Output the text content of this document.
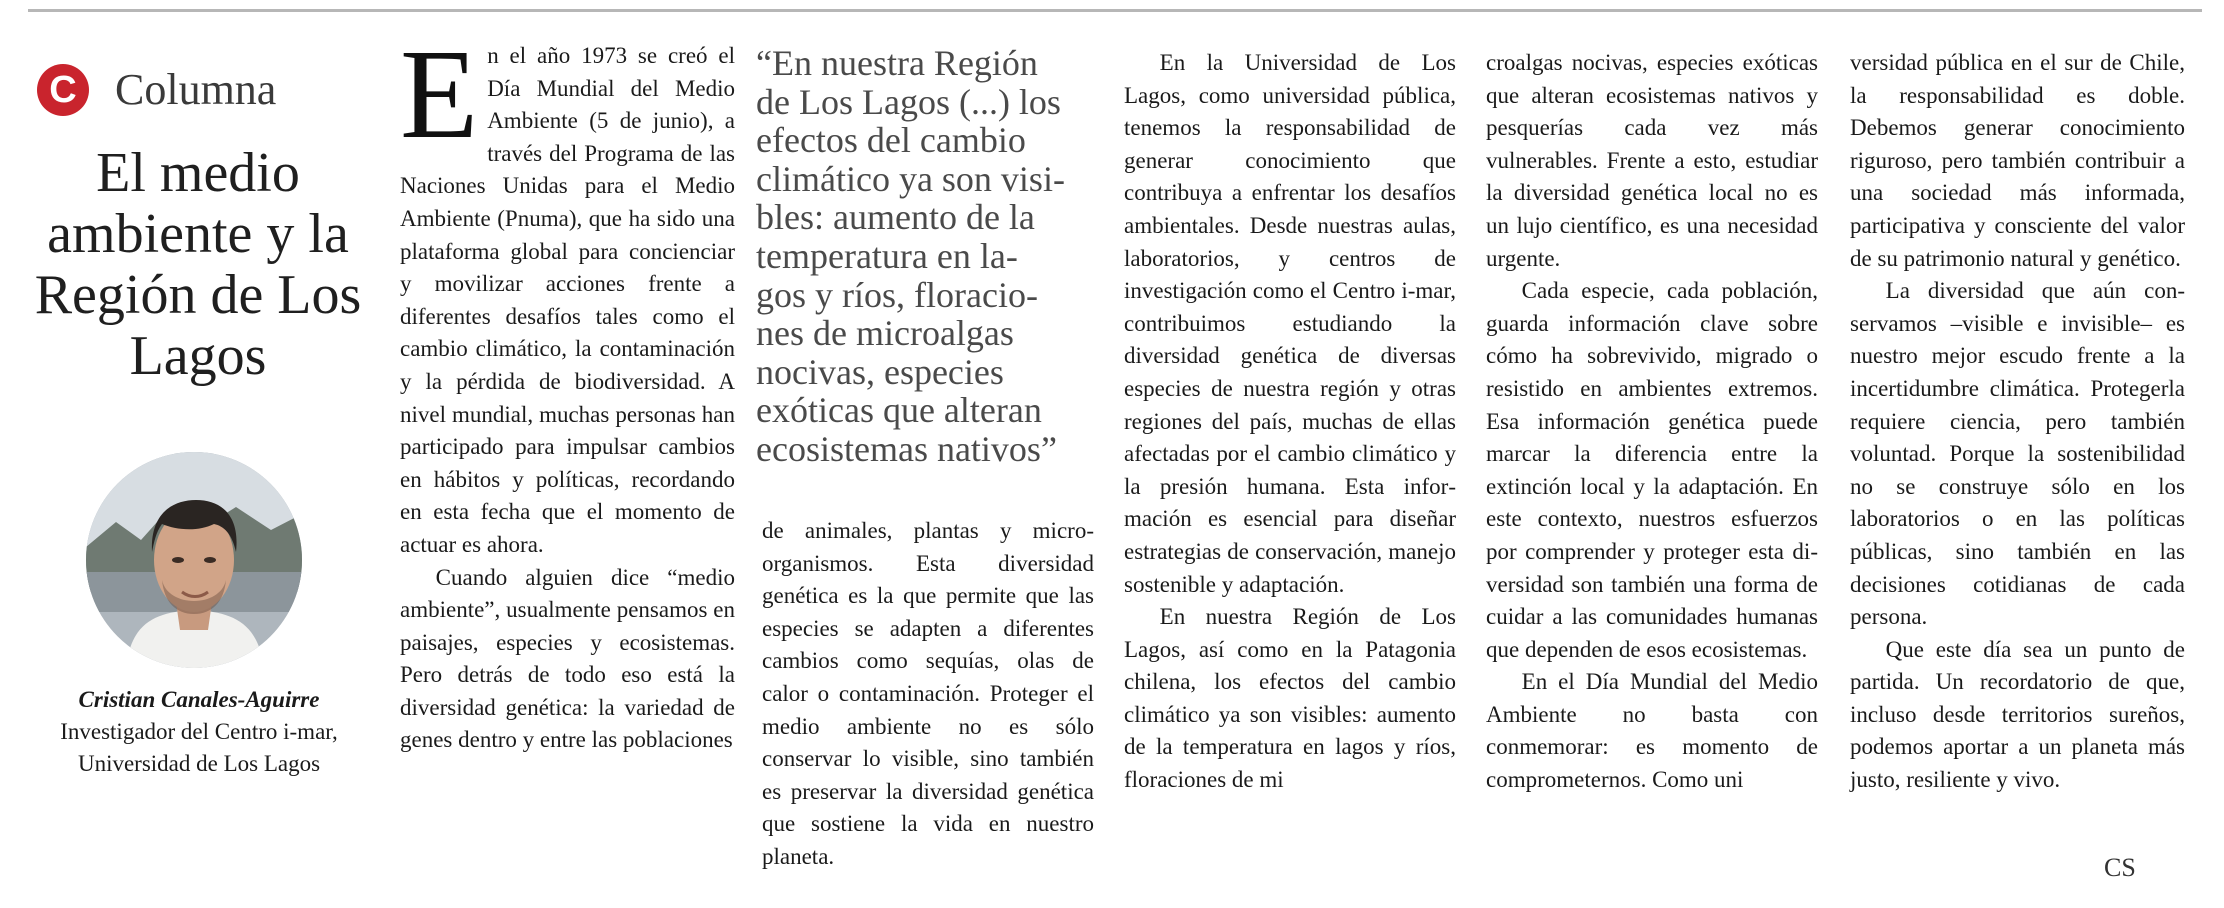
C Columna
El medio ambiente y la Región de Los Lagos
Cristian Canales-Aguirre
Investigador del Centro i-mar,
Universidad de Los Lagos

En el año 1973 se creó el Día Mundial del Medio Ambiente (5 de junio), a través del Programa de las Naciones Unidas para el Medio Ambiente (Pnuma), que ha sido una plataforma global para concienciar y movilizar acciones frente a diferentes desafíos tales como el cambio climático, la contaminación y la pérdida de biodiversidad. A nivel mundial, muchas personas han participado para impulsar cambios en hábitos y políticas, recordando en esta fecha que el momento de actuar es ahora.

Cuando alguien dice “medio ambiente”, usualmente pensamos en paisajes, especies y ecosistemas. Pero detrás de todo eso está la diversidad genética: la variedad de genes dentro y entre las poblaciones

“En nuestra Región
de Los Lagos (...) los
efectos del cambio
climático ya son visi-
bles: aumento de la
temperatura en la-
gos y ríos, floracio-
nes de microalgas
nocivas, especies
exóticas que alteran
ecosistemas nativos”

de animales, plantas y microorganismos. Esta diversidad genética es la que permite que las especies se adapten a diferentes cambios como sequías, olas de calor o contaminación. Proteger el medio ambiente no es sólo conservar lo visible, sino también es preservar la diversidad genética que sostiene la vida en nuestro planeta.

En la Universidad de Los Lagos, como universidad pública, tenemos la responsabilidad de generar conocimiento que contribuya a enfrentar los desafíos ambientales. Desde nuestras aulas, laboratorios, y centros de investigación como el Centro i-mar, contribuimos estudiando la diversidad genética de diversas especies de nuestra región y otras regiones del país, muchas de ellas afectadas por el cambio climático y la presión humana. Esta información es esencial para diseñar estrategias de conservación, manejo sostenible y adaptación.

En nuestra Región de Los Lagos, así como en la Patagonia chilena, los efectos del cambio climático ya son visibles: aumento de la temperatura en lagos y ríos, floraciones de mi

croalgas nocivas, especies exóticas que alteran ecosistemas nativos y pesquerías cada vez más vulnerables. Frente a esto, estudiar la diversidad genética local no es un lujo científico, es una necesidad urgente.

Cada especie, cada población, guarda información clave sobre cómo ha sobrevivido, migrado o resistido en ambientes extremos. Esa información genética puede marcar la diferencia entre la extinción local y la adaptación. En este contexto, nuestros esfuerzos por comprender y proteger esta diversidad son también una forma de cuidar a las comunidades humanas que dependen de esos ecosistemas.

En el Día Mundial del Medio Ambiente no basta con conmemorar: es momento de comprometernos. Como uni

versidad pública en el sur de Chile, la responsabilidad es doble. Debemos generar conocimiento riguroso, pero también contribuir a una sociedad más informada, participativa y consciente del valor de su patrimonio natural y genético.

La diversidad que aún conservamos –visible e invisible– es nuestro mejor escudo frente a la incertidumbre climática. Protegerla requiere ciencia, pero también voluntad. Porque la sostenibilidad no se construye sólo en los laboratorios o en las políticas públicas, sino también en las decisiones cotidianas de cada persona.

Que este día sea un punto de partida. Un recordatorio de que, incluso desde territorios sureños, podemos aportar a un planeta más justo, resiliente y vivo.

CS
